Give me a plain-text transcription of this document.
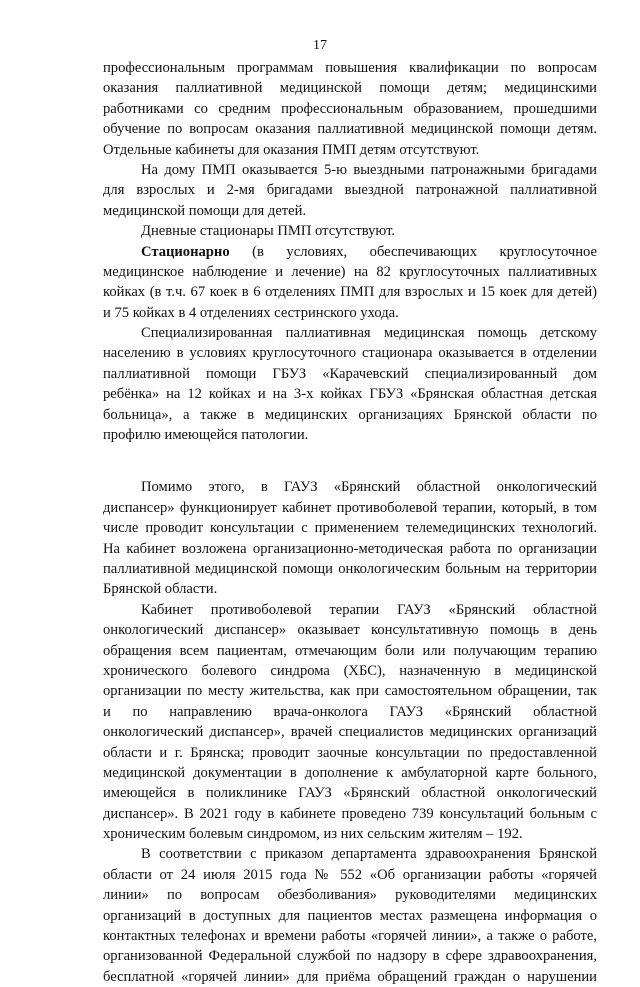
17
профессиональным программам повышения квалификации по вопросам
оказания паллиативной медицинской помощи детям; медицинскими
работниками со средним профессиональным образованием, прошедшими
обучение по вопросам оказания паллиативной медицинской помощи детям.
Отдельные кабинеты для оказания ПМП детям отсутствуют.
На дому ПМП оказывается 5-ю выездными патронажными бригадами
для взрослых и 2-мя бригадами выездной патронажной паллиативной
медицинской помощи для детей.
Дневные стационары ПМП отсутствуют.
Стационарно (в условиях, обеспечивающих круглосуточное
медицинское наблюдение и лечение) на 82 круглосуточных паллиативных
койках (в т.ч. 67 коек в 6 отделениях ПМП для взрослых и 15 коек для детей)
и 75 койках в 4 отделениях сестринского ухода.
Специализированная паллиативная медицинская помощь детскому
населению в условиях круглосуточного стационара оказывается в отделении
паллиативной помощи ГБУЗ «Карачевский специализированный дом
ребёнка» на 12 койках и на 3-х койках ГБУЗ «Брянская областная детская
больница», а также в медицинских организациях Брянской области по
профилю имеющейся патологии.
Помимо этого, в ГАУЗ «Брянский областной онкологический
диспансер» функционирует кабинет противоболевой терапии, который, в том
числе проводит консультации с применением телемедицинских технологий.
На кабинет возложена организационно-методическая работа по организации
паллиативной медицинской помощи онкологическим больным на территории
Брянской области.
Кабинет противоболевой терапии ГАУЗ «Брянский областной
онкологический диспансер» оказывает консультативную помощь в день
обращения всем пациентам, отмечающим боли или получающим терапию
хронического болевого синдрома (ХБС), назначенную в медицинской
организации по месту жительства, как при самостоятельном обращении, так
и по направлению врача-онколога ГАУЗ «Брянский областной
онкологический диспансер», врачей специалистов медицинских организаций
области и г. Брянска; проводит заочные консультации по предоставленной
медицинской документации в дополнение к амбулаторной карте больного,
имеющейся в поликлинике ГАУЗ «Брянский областной онкологический
диспансер». В 2021 году в кабинете проведено 739 консультаций больным с
хроническим болевым синдромом, из них сельским жителям – 192.
В соответствии с приказом департамента здравоохранения Брянской
области от 24 июля 2015 года № 552 «Об организации работы «горячей
линии» по вопросам обезболивания» руководителями медицинских
организаций в доступных для пациентов местах размещена информация о
контактных телефонах и времени работы «горячей линии», а также о работе,
организованной Федеральной службой по надзору в сфере здравоохранения,
бесплатной «горячей линии» для приёма обращений граждан о нарушении
